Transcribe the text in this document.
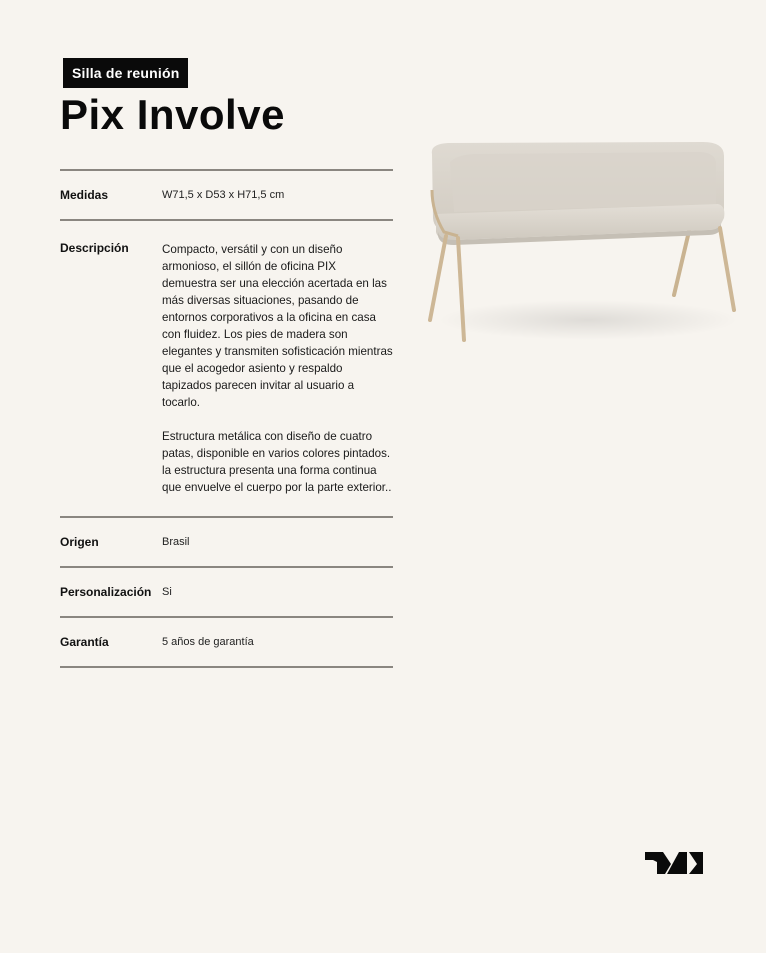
Silla de reunión
Pix Involve
Medidas	W71,5 x D53 x H71,5 cm
Descripción	Compacto, versátil y con un diseño armonioso, el sillón de oficina PIX demuestra ser una elección acertada en las más diversas situaciones, pasando de entornos corporativos a la oficina en casa con fluidez. Los pies de madera son elegantes y transmiten sofisticación mientras que el acogedor asiento y respaldo tapizados parecen invitar al usuario a tocarlo.

Estructura metálica con diseño de cuatro patas, disponible en varios colores pintados. la estructura presenta una forma continua que envuelve el cuerpo por la parte exterior..

Origen	Brasil
Personalización Si
Garantía	5 años de garantía
